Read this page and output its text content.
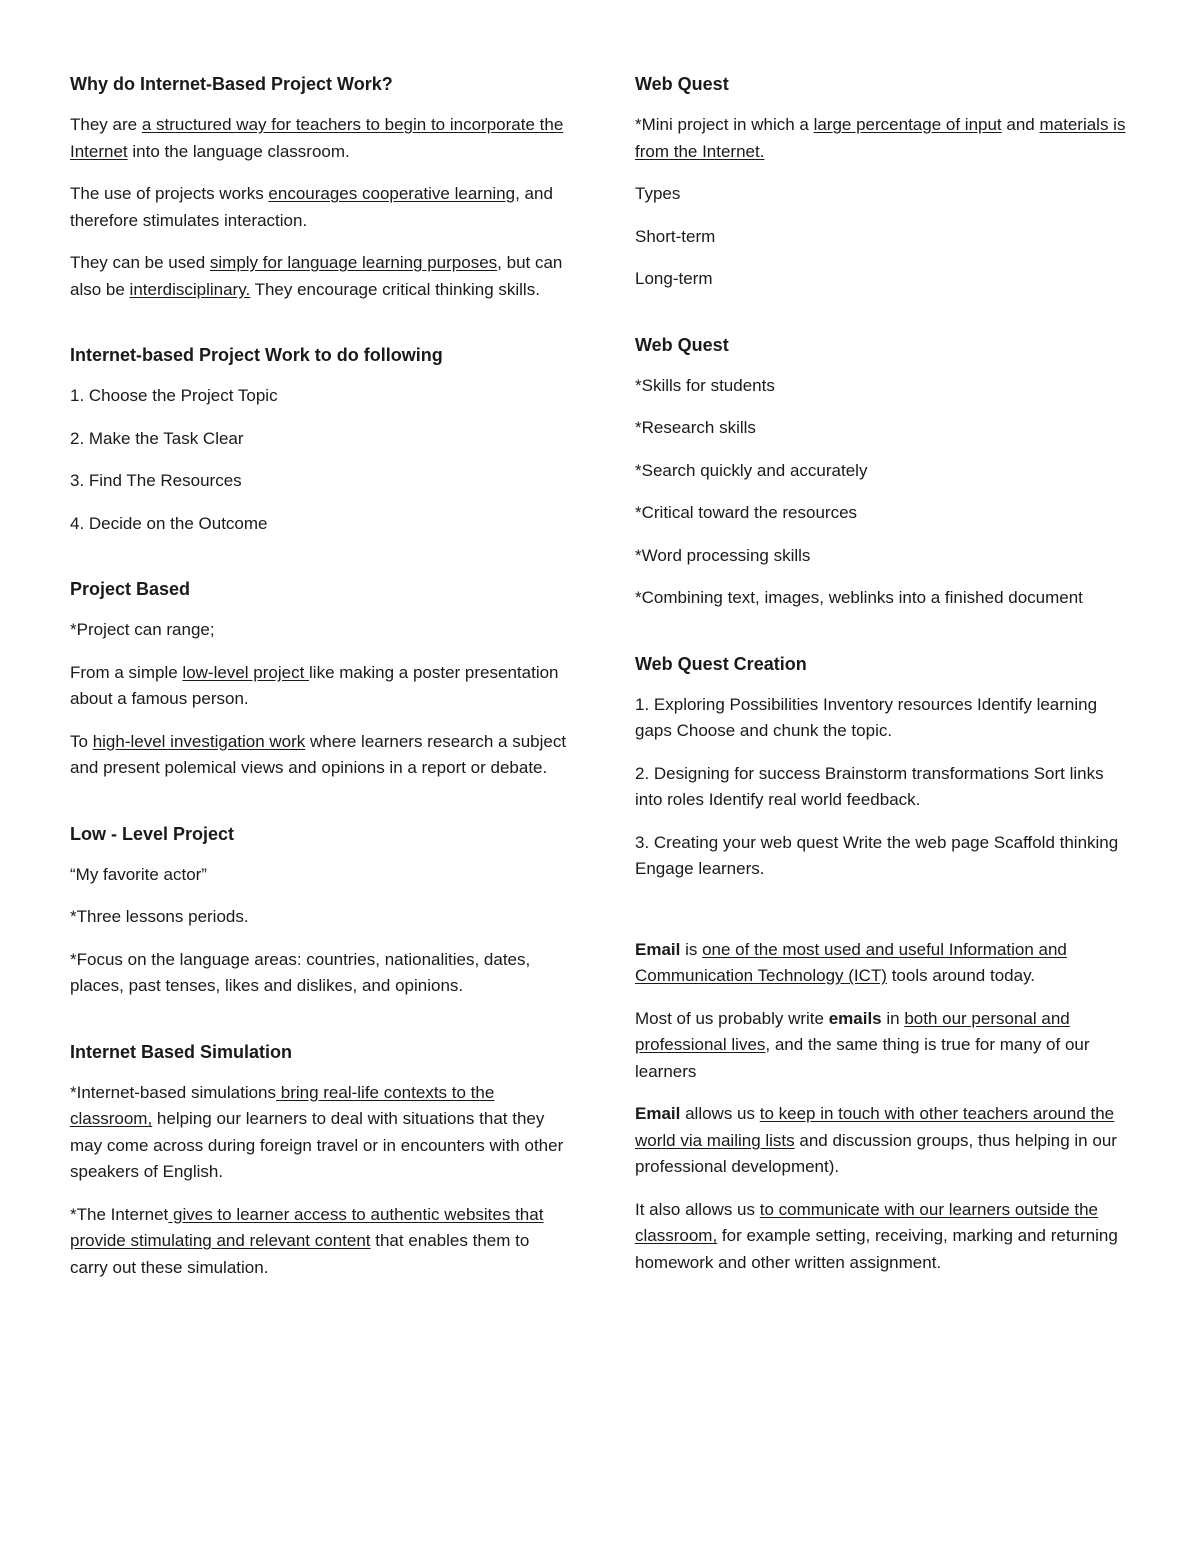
Why do Internet-Based Project Work?

They are a structured way for teachers to begin to incorporate the Internet into the language classroom.

The use of projects works encourages cooperative learning, and therefore stimulates interaction.

They can be used simply for language learning purposes, but can also be interdisciplinary. They encourage critical thinking skills.

Internet-based Project Work to do following

1. Choose the Project Topic

2. Make the Task Clear

3. Find The Resources

4. Decide on the Outcome

Project Based

*Project can range;

From a simple low-level project like making a poster presentation about a famous person.

To high-level investigation work where learners research a subject and present polemical views and opinions in a report or debate.

Low - Level Project

“My favorite actor”

*Three lessons periods.

*Focus on the language areas: countries, nationalities, dates, places, past tenses, likes and dislikes, and opinions.

Internet Based Simulation

*Internet-based simulations bring real-life contexts to the classroom, helping our learners to deal with situations that they may come across during foreign travel or in encounters with other speakers of English.

*The Internet gives to learner access to authentic websites that provide stimulating and relevant content that enables them to carry out these simulation.

Web Quest

*Mini project in which a large percentage of input and materials is from the Internet.

Types

Short-term

Long-term

Web Quest

*Skills for students

*Research skills

*Search quickly and accurately

*Critical toward the resources

*Word processing skills

*Combining text, images, weblinks into a finished document

Web Quest Creation

1. Exploring Possibilities Inventory resources Identify learning gaps Choose and chunk the topic.

2. Designing for success Brainstorm transformations Sort links into roles Identify real world feedback.

3. Creating your web quest Write the web page Scaffold thinking Engage learners.

Email is one of the most used and useful Information and Communication Technology (ICT) tools around today.

Most of us probably write emails in both our personal and professional lives, and the same thing is true for many of our learners

Email allows us to keep in touch with other teachers around the world via mailing lists and discussion groups, thus helping in our professional development).

It also allows us to communicate with our learners outside the classroom, for example setting, receiving, marking and returning homework and other written assignment.
